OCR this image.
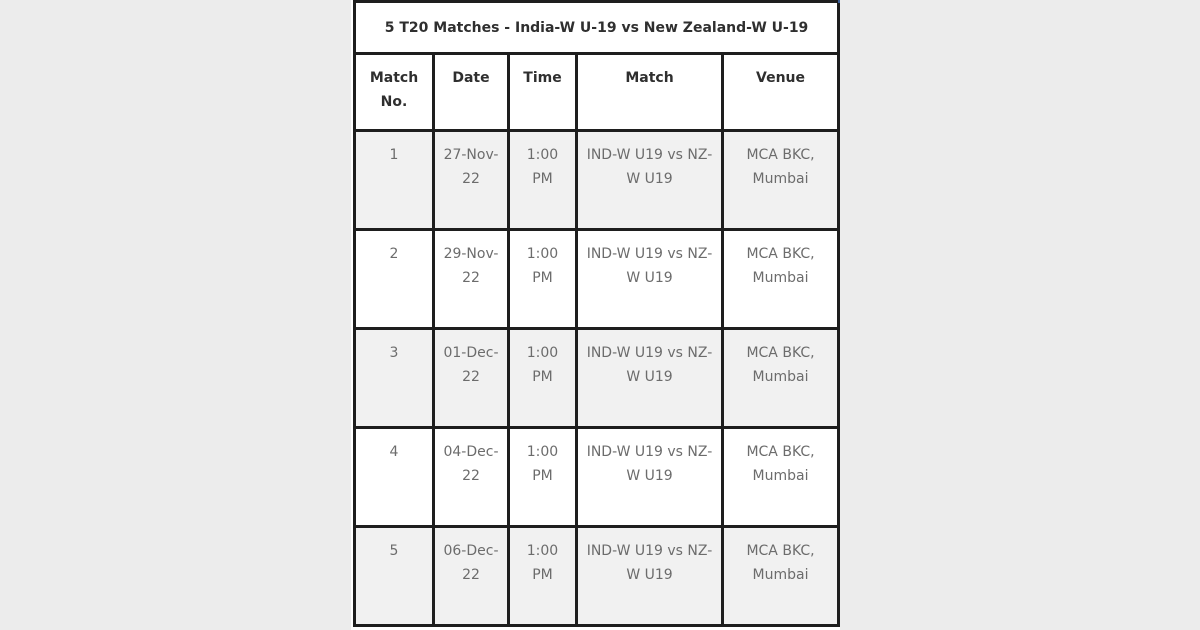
5 T20 Matches - India-W U-19 vs New Zealand-W U-19				
Match No.	Date	Time	Match	Venue
1	27-Nov-22	1:00 PM	IND-W U19 vs NZ-W U19	MCA BKC, Mumbai
2	29-Nov-22	1:00 PM	IND-W U19 vs NZ-W U19	MCA BKC, Mumbai
3	01-Dec-22	1:00 PM	IND-W U19 vs NZ-W U19	MCA BKC, Mumbai
4	04-Dec-22	1:00 PM	IND-W U19 vs NZ-W U19	MCA BKC, Mumbai
5	06-Dec-22	1:00 PM	IND-W U19 vs NZ-W U19	MCA BKC, Mumbai
